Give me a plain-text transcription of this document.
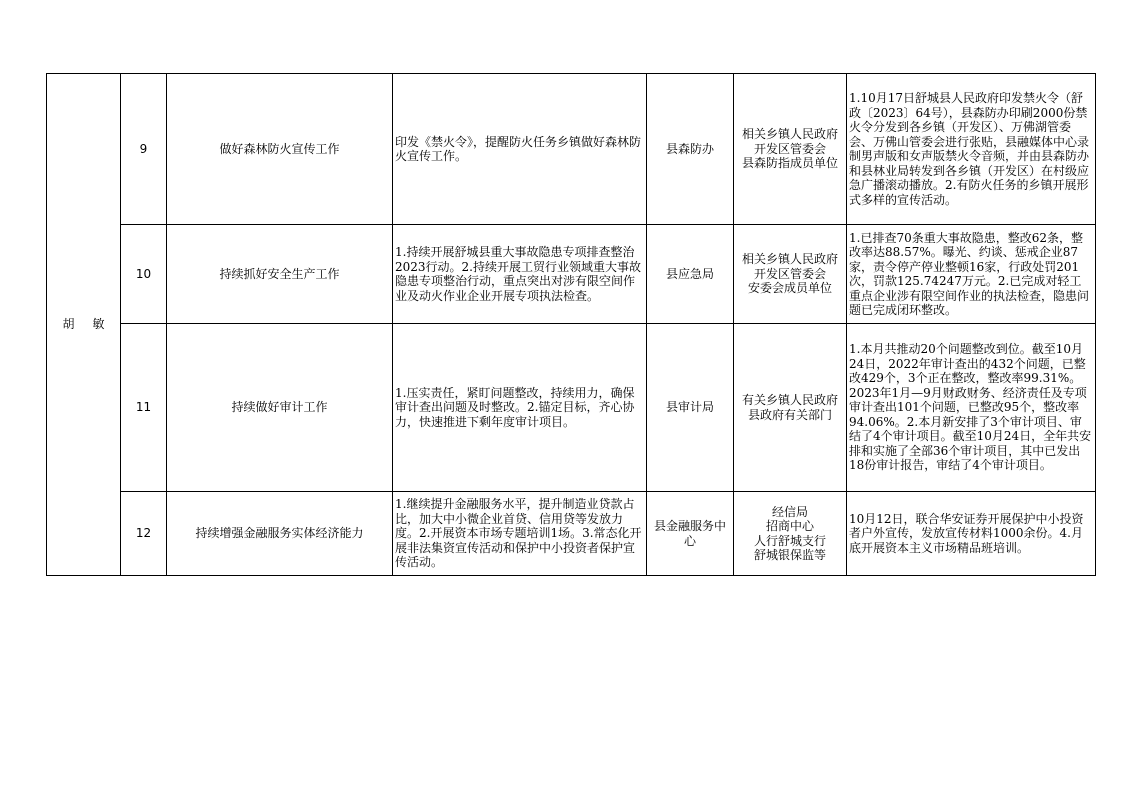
胡 敏	9	做好森林防火宣传工作	印发《禁火令》，提醒防火任务乡镇做好森林防火宣传工作。	县森防办	相关乡镇人民政府
开发区管委会
县森防指成员单位	1.10月17日舒城县人民政府印发禁火令（舒政〔2023〕64号），县森防办印刷2000份禁火令分发到各乡镇（开发区）、万佛湖管委会、万佛山管委会进行张贴，县融媒体中心录制男声版和女声版禁火令音频，并由县森防办和县林业局转发到各乡镇（开发区）在村级应急广播滚动播放。2.有防火任务的乡镇开展形式多样的宣传活动。
	10	持续抓好安全生产工作	1.持续开展舒城县重大事故隐患专项排查整治2023行动。2.持续开展工贸行业领域重大事故隐患专项整治行动，重点突出对涉有限空间作业及动火作业企业开展专项执法检查。	县应急局	相关乡镇人民政府
开发区管委会
安委会成员单位	1.已排查70条重大事故隐患，整改62条，整改率达88.57%。曝光、约谈、惩戒企业87家，责令停产停业整顿16家，行政处罚201次，罚款125.74247万元。2.已完成对轻工重点企业涉有限空间作业的执法检查，隐患问题已完成闭环整改。
	11	持续做好审计工作	1.压实责任，紧盯问题整改，持续用力，确保审计查出问题及时整改。2.锚定目标，齐心协力，快速推进下剩年度审计项目。	县审计局	有关乡镇人民政府
县政府有关部门	1.本月共推动20个问题整改到位。截至10月24日，2022年审计查出的432个问题，已整改429个，3个正在整改，整改率99.31%。2023年1月—9月财政财务、经济责任及专项审计查出101个问题，已整改95个，整改率94.06%。2.本月新安排了3个审计项目、审结了4个审计项目。截至10月24日，全年共安排和实施了全部36个审计项目，其中已发出18份审计报告，审结了4个审计项目。
	12	持续增强金融服务实体经济能力	1.继续提升金融服务水平，提升制造业贷款占比，加大中小微企业首贷、信用贷等发放力度。2.开展资本市场专题培训1场。3.常态化开展非法集资宣传活动和保护中小投资者保护宣传活动。	县金融服务中心	经信局
招商中心
人行舒城支行
舒城银保监等	10月12日，联合华安证券开展保护中小投资者户外宣传，发放宣传材料1000余份。4.月底开展资本主义市场精品班培训。
